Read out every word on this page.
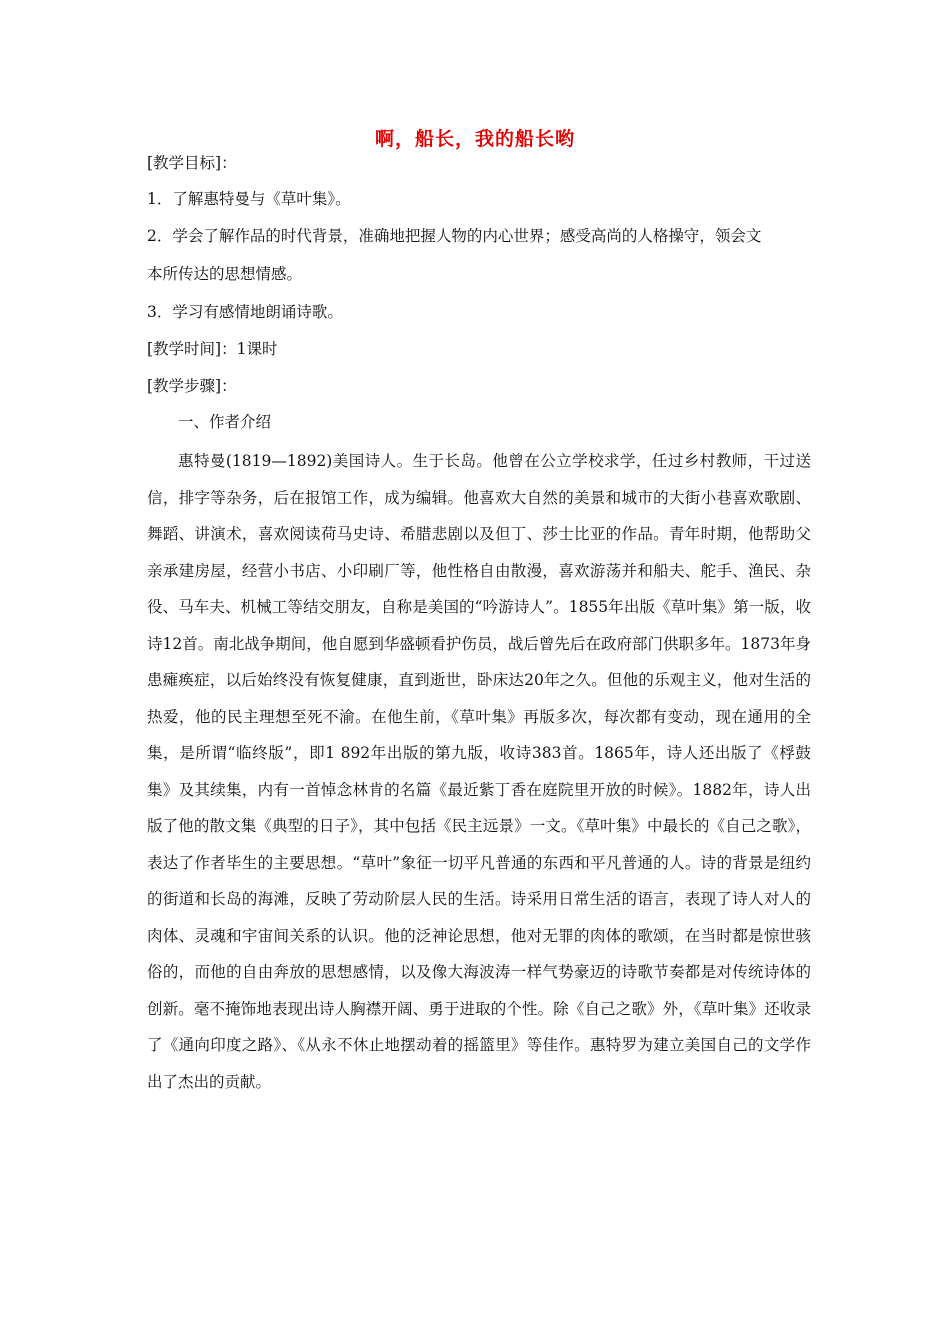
啊，船长，我的船长哟
[教学目标]：
1．了解惠特曼与《草叶集》。
2．学会了解作品的时代背景，准确地把握人物的内心世界；感受高尚的人格操守，领会文
本所传达的思想情感。
3．学习有感情地朗诵诗歌。
[教学时间]：1课时
[教学步骤]：
一、作者介绍

惠特曼(1819—1892)美国诗人。生于长岛。他曾在公立学校求学，任过乡村教师，干过送信，排字等杂务，后在报馆工作，成为编辑。他喜欢大自然的美景和城市的大街小巷喜欢歌剧、舞蹈、讲演术，喜欢阅读荷马史诗、希腊悲剧以及但丁、莎士比亚的作品。青年时期，他帮助父亲承建房屋，经营小书店、小印刷厂等，他性格自由散漫，喜欢游荡并和船夫、舵手、渔民、杂役、马车夫、机械工等结交朋友，自称是美国的“吟游诗人”。1855年出版《草叶集》第一版，收诗12首。南北战争期间，他自愿到华盛顿看护伤员，战后曾先后在政府部门供职多年。1873年身患瘫痪症，以后始终没有恢复健康，直到逝世，卧床达20年之久。但他的乐观主义，他对生活的热爱，他的民主理想至死不渝。在他生前，《草叶集》再版多次，每次都有变动，现在通用的全集，是所谓“临终版”，即1 892年出版的第九版，收诗383首。1865年，诗人还出版了《桴鼓集》及其续集，内有一首悼念林肯的名篇《最近紫丁香在庭院里开放的时候》。1882年，诗人出版了他的散文集《典型的日子》，其中包括《民主远景》一文。《草叶集》中最长的《自己之歌》，表达了作者毕生的主要思想。“草叶”象征一切平凡普通的东西和平凡普通的人。诗的背景是纽约的街道和长岛的海滩，反映了劳动阶层人民的生活。诗采用日常生活的语言，表现了诗人对人的肉体、灵魂和宇宙间关系的认识。他的泛神论思想，他对无罪的肉体的歌颂，在当时都是惊世骇俗的，而他的自由奔放的思想感情，以及像大海波涛一样气势豪迈的诗歌节奏都是对传统诗体的创新。毫不掩饰地表现出诗人胸襟开阔、勇于进取的个性。除《自己之歌》外，《草叶集》还收录了《通向印度之路》、《从永不休止地摆动着的摇篮里》等佳作。惠特罗为建立美国自己的文学作出了杰出的贡献。
